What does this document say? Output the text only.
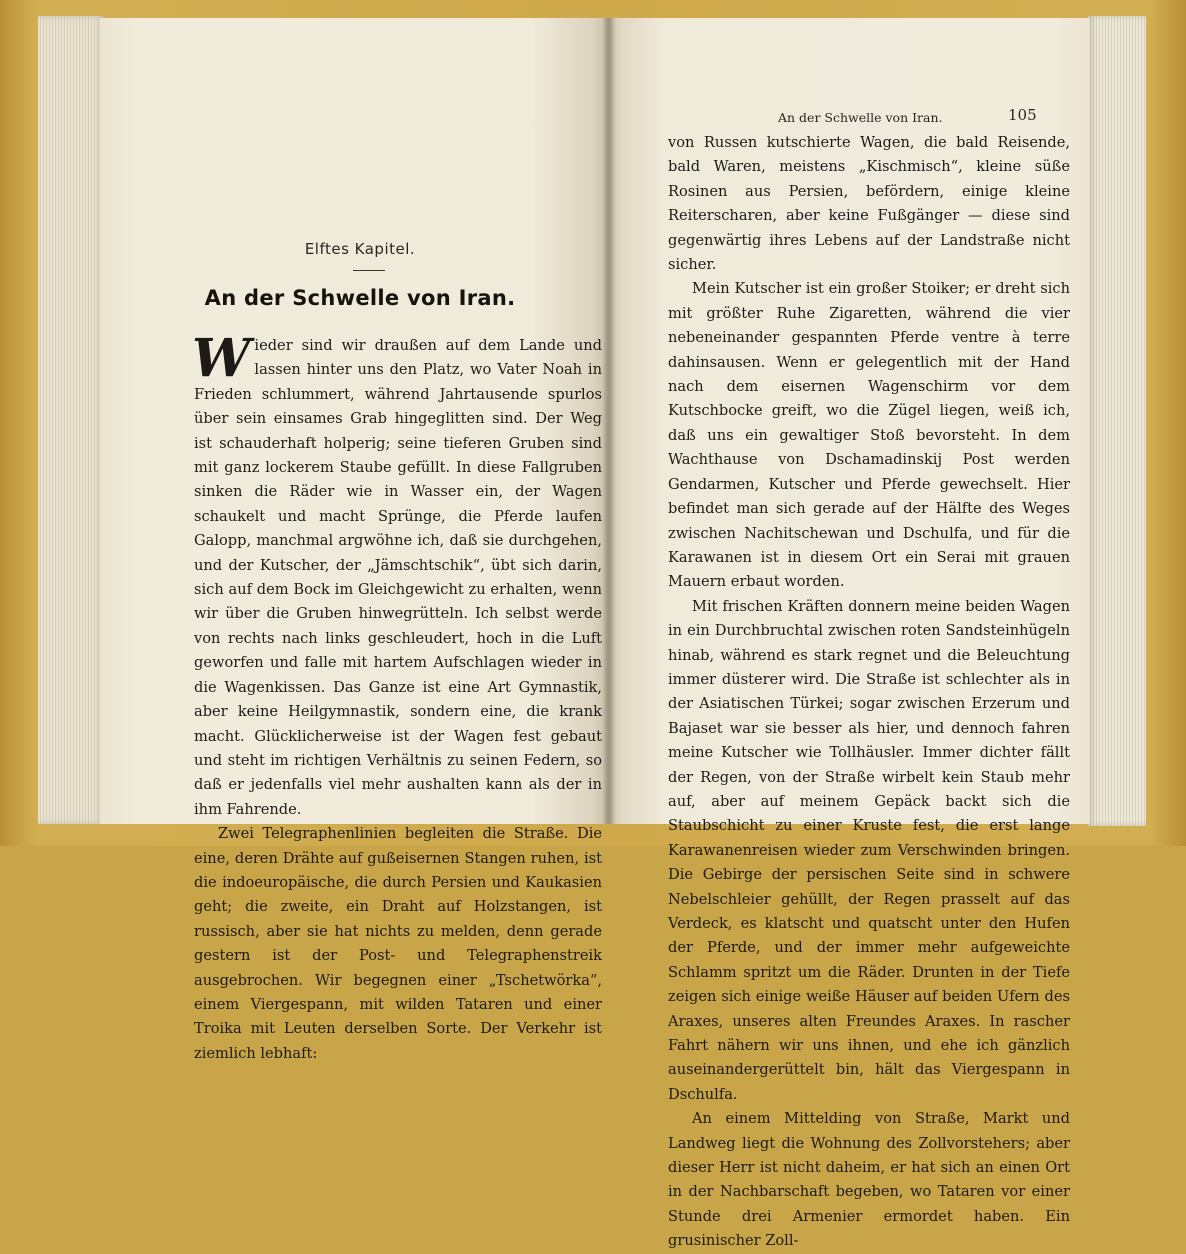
Elftes Kapitel.
An der Schwelle von Iran.

Wieder sind wir draußen auf dem Lande und lassen hinter uns den Platz, wo Vater Noah in Frieden schlummert, während Jahrtausende spurlos über sein einsames Grab hingeglitten sind. Der Weg ist schauderhaft holperig; seine tieferen Gruben sind mit ganz lockerem Staube gefüllt. In diese Fallgruben sinken die Räder wie in Wasser ein, der Wagen schaukelt und macht Sprünge, die Pferde laufen Galopp, manchmal argwöhne ich, daß sie durchgehen, und der Kutscher, der „Jämschtschik“, übt sich darin, sich auf dem Bock im Gleichgewicht zu erhalten, wenn wir über die Gruben hinwegrütteln. Ich selbst werde von rechts nach links geschleudert, hoch in die Luft geworfen und falle mit hartem Aufschlagen wieder in die Wagenkissen. Das Ganze ist eine Art Gymnastik, aber keine Heilgymnastik, sondern eine, die krank macht. Glücklicherweise ist der Wagen fest gebaut und steht im richtigen Verhältnis zu seinen Federn, so daß er jedenfalls viel mehr aushalten kann als der in ihm Fahrende.

Zwei Telegraphenlinien begleiten die Straße. Die eine, deren Drähte auf gußeisernen Stangen ruhen, ist die indoeuropäische, die durch Persien und Kaukasien geht; die zweite, ein Draht auf Holzstangen, ist russisch, aber sie hat nichts zu melden, denn gerade gestern ist der Post- und Telegraphenstreik ausgebrochen. Wir begegnen einer „Tschetwörka“, einem Viergespann, mit wilden Tataren und einer Troika mit Leuten derselben Sorte. Der Verkehr ist ziemlich lebhaft:

An der Schwelle von Iran.	105

von Russen kutschierte Wagen, die bald Reisende, bald Waren, meistens „Kischmisch“, kleine süße Rosinen aus Persien, befördern, einige kleine Reiterscharen, aber keine Fußgänger — diese sind gegenwärtig ihres Lebens auf der Landstraße nicht sicher.

Mein Kutscher ist ein großer Stoiker; er dreht sich mit größter Ruhe Zigaretten, während die vier nebeneinander gespannten Pferde ventre à terre dahinsausen. Wenn er gelegentlich mit der Hand nach dem eisernen Wagenschirm vor dem Kutschbocke greift, wo die Zügel liegen, weiß ich, daß uns ein gewaltiger Stoß bevorsteht. In dem Wachthause von Dschamadinskij Post werden Gendarmen, Kutscher und Pferde gewechselt. Hier befindet man sich gerade auf der Hälfte des Weges zwischen Nachitschewan und Dschulfa, und für die Karawanen ist in diesem Ort ein Serai mit grauen Mauern erbaut worden.

Mit frischen Kräften donnern meine beiden Wagen in ein Durchbruchtal zwischen roten Sandsteinhügeln hinab, während es stark regnet und die Beleuchtung immer düsterer wird. Die Straße ist schlechter als in der Asiatischen Türkei; sogar zwischen Erzerum und Bajaset war sie besser als hier, und dennoch fahren meine Kutscher wie Tollhäusler. Immer dichter fällt der Regen, von der Straße wirbelt kein Staub mehr auf, aber auf meinem Gepäck backt sich die Staubschicht zu einer Kruste fest, die erst lange Karawanenreisen wieder zum Verschwinden bringen. Die Gebirge der persischen Seite sind in schwere Nebelschleier gehüllt, der Regen prasselt auf das Verdeck, es klatscht und quatscht unter den Hufen der Pferde, und der immer mehr aufgeweichte Schlamm spritzt um die Räder. Drunten in der Tiefe zeigen sich einige weiße Häuser auf beiden Ufern des Araxes, unseres alten Freundes Araxes. In rascher Fahrt nähern wir uns ihnen, und ehe ich gänzlich auseinandergerüttelt bin, hält das Viergespann in Dschulfa.

An einem Mittelding von Straße, Markt und Landweg liegt die Wohnung des Zollvorstehers; aber dieser Herr ist nicht daheim, er hat sich an einen Ort in der Nachbarschaft begeben, wo Tataren vor einer Stunde drei Armenier ermordet haben. Ein grusinischer Zoll-
